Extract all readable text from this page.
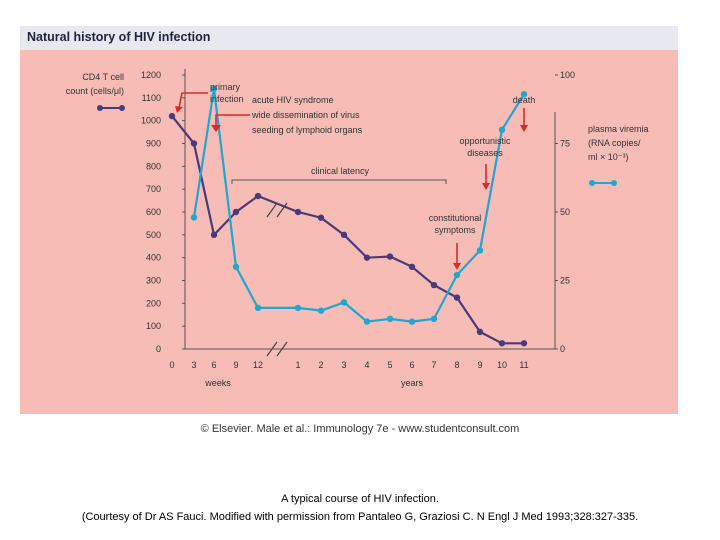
0
100
200
300
400
500
600
700
800
900
1000
1100
1200
0
25
50
75
100
0 3 6 9 12	1 2 3 4 5 6 7 8 9 10 11
weeks	years
CD4 T cell
count (cells/μl)
plasma viremia
(RNA copies/
ml × 10⁻³)
primary
infection acute HIV syndrome
wide dissemination of virus
seeding of lymphoid organs
clinical latency
constitutional
symptoms
opportunistic
diseases
death
Natural history of HIV infection
© Elsevier. Male et al.: Immunology 7e - www.studentconsult.com
A typical course of HIV infection.
(Courtesy of Dr AS Fauci. Modified with permission from Pantaleo G, Graziosi C. N Engl J Med 1993;328:327-335.
